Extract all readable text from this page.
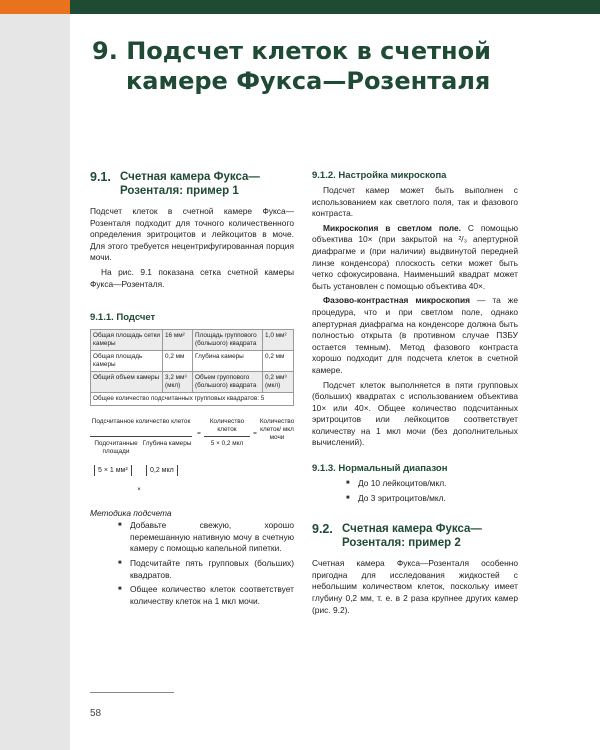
9. Подсчет клеток в счетной
камере Фукса—Розенталя
9.1. Счетная камера Фукса—Розенталя: пример 1

Подсчет клеток в счетной камере Фукса—Розенталя подходит для точного количественного определения эритроцитов и лейкоцитов в моче. Для этого требуется нецентрифугированная порция мочи.

На рис. 9.1 показана сетка счетной камеры Фукса—Розенталя.

9.1.1. Подсчет
Общая площадь сетки камеры	16 мм²	Площадь группового (большого) квадрата	1,0 мм²
Общая площадь камеры	0,2 мм	Глубина камеры	0,2 мм
Общий объем камеры	3,2 мм³ (мкл)	Объем группового (большого) квадрата	0,2 мм³ (мкл)
Общее количество подсчитанных групповых квадратов: 5			
Подсчитанное количество клеток
Подсчитанные площади
Глубина камеры
=
Количество клеток
5 × 0,2 мкл
=
Количество клеток/ мкл мочи
5 × 1 мм²	0,2 мкл
×
Методика подсчета
■ Добавьте свежую, хорошо перемешанную нативную мочу в счетную камеру с помощью капельной пипетки.
■ Подсчитайте пять групповых (больших) квадратов.
■ Общее количество клеток соответствует количеству клеток на 1 мкл мочи.
9.1.2. Настройка микроскопа

Подсчет камер может быть выполнен с использованием как светлого поля, так и фазового контраста.

Микроскопия в светлом поле. С помощью объектива 10× (при закрытой на ²/₃ апертурной диафрагме и (при наличии) выдвинутой передней линзе конденсора) плоскость сетки может быть четко сфокусирована. Наименьший квадрат может быть установлен с помощью объектива 40×.

Фазово-контрастная микроскопия — та же процедура, что и при светлом поле, однако апертурная диафрагма на конденсоре должна быть полностью открыта (в противном случае ПЗБУ остается темным). Метод фазового контраста хорошо подходит для подсчета клеток в счетной камере.

Подсчет клеток выполняется в пяти групповых (больших) квадратах с использованием объектива 10× или 40×. Общее количество подсчитанных эритроцитов или лейкоцитов соответствует количеству на 1 мкл мочи (без дополнительных вычислений).

9.1.3. Нормальный диапазон
■ До 10 лейкоцитов/мкл.
■ До 3 эритроцитов/мкл.
9.2. Счетная камера Фукса—Розенталя: пример 2

Счетная камера Фукса—Розенталя особенно пригодна для исследования жидкостей с небольшим количеством клеток, поскольку имеет глубину 0,2 мм, т. е. в 2 раза крупнее других камер (рис. 9.2).

58
